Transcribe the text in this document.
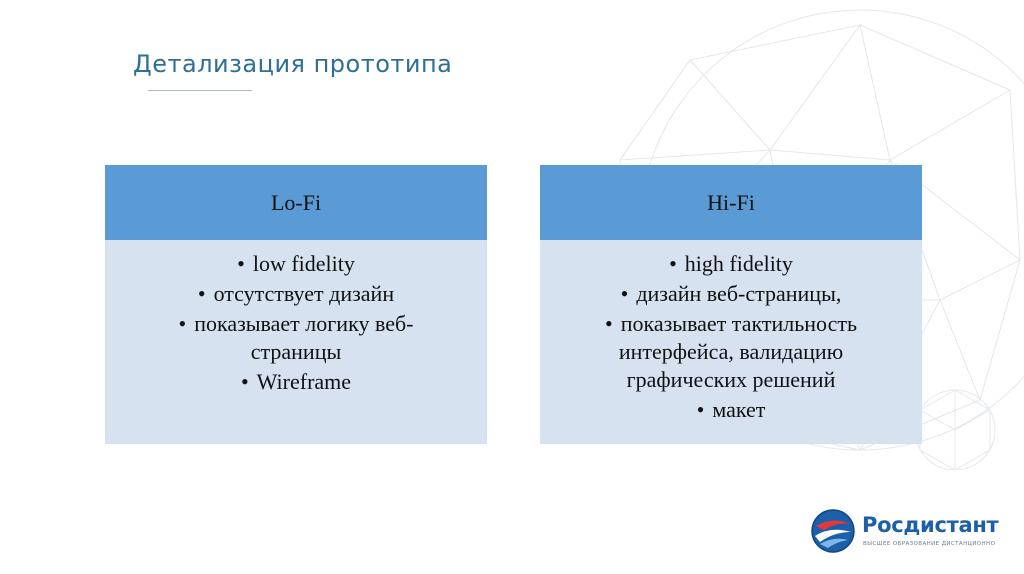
Детализация прототипа
Lo-Fi
• low fidelity
• отсутствует дизайн
• показывает логику веб-страницы
• Wireframe
Hi-Fi
• high fidelity
• дизайн веб-страницы,
• показывает тактильность интерфейса, валидацию графических решений
• макет
Росдистант
ВЫСШЕЕ ОБРАЗОВАНИЕ ДИСТАНЦИОННО
